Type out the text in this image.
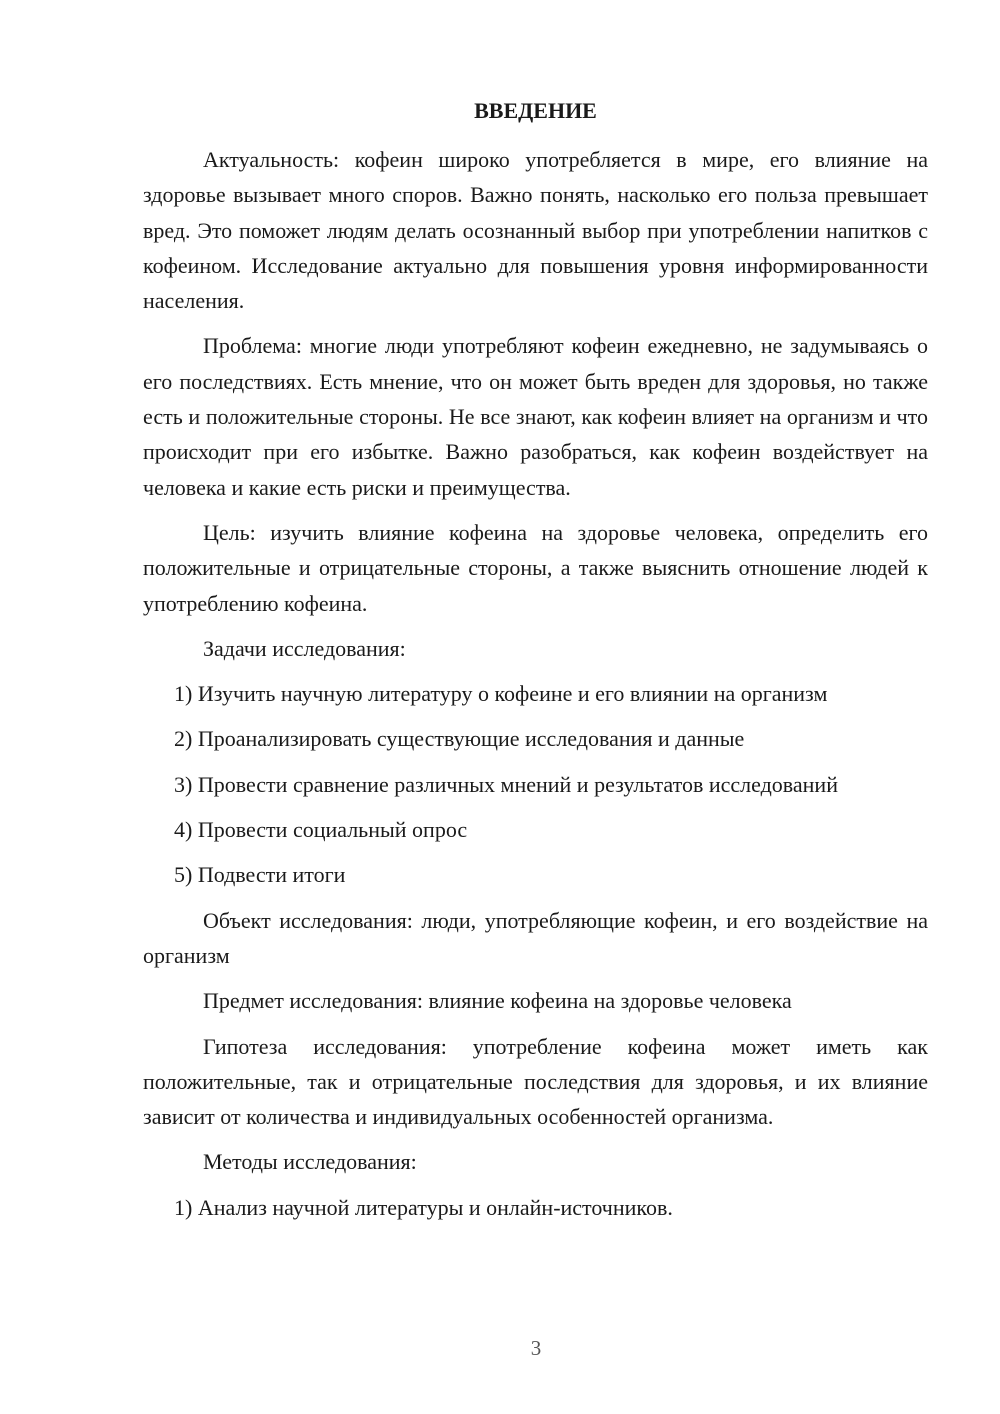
ВВЕДЕНИЕ

Актуальность: кофеин широко употребляется в мире, его влияние на здоровье вызывает много споров. Важно понять, насколько его польза превышает вред. Это поможет людям делать осознанный выбор при употреблении напитков с кофеином. Исследование актуально для повышения уровня информированности населения.

Проблема: многие люди употребляют кофеин ежедневно, не задумываясь о его последствиях. Есть мнение, что он может быть вреден для здоровья, но также есть и положительные стороны. Не все знают, как кофеин влияет на организм и что происходит при его избытке. Важно разобраться, как кофеин воздействует на человека и какие есть риски и преимущества.

Цель: изучить влияние кофеина на здоровье человека, определить его положительные и отрицательные стороны, а также выяснить отношение людей к употреблению кофеина.

Задачи исследования:

1) Изучить научную литературу о кофеине и его влиянии на организм

2) Проанализировать существующие исследования и данные

3) Провести сравнение различных мнений и результатов исследований

4) Провести социальный опрос

5) Подвести итоги

Объект исследования: люди, употребляющие кофеин, и его воздействие на организм

Предмет исследования: влияние кофеина на здоровье человека

Гипотеза исследования: употребление кофеина может иметь как положительные, так и отрицательные последствия для здоровья, и их влияние зависит от количества и индивидуальных особенностей организма.

Методы исследования:

1) Анализ научной литературы и онлайн-источников.

3
